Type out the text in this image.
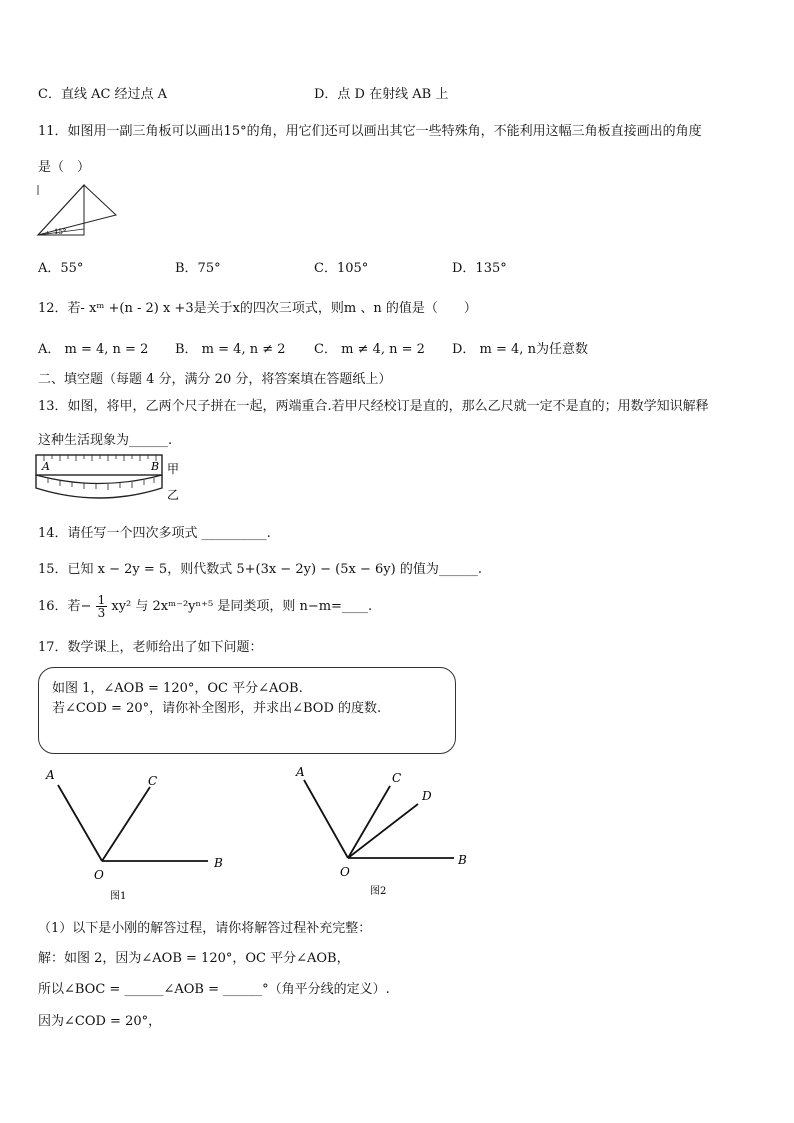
C．直线 AC 经过点 A	D．点 D 在射线 AB 上
11．如图用一副三角板可以画出15°的角，用它们还可以画出其它一些特殊角，不能利用这幅三角板直接画出的角度
是（　）
15°
A．55°	B．75°	C．105°	D．135°
12．若- xᵐ +(n - 2) x +3是关于x的四次三项式，则m 、n 的值是（　　）
A． m = 4, n = 2 B． m = 4, n ≠ 2 C． m ≠ 4, n = 2 D． m = 4, n为任意数
二、填空题（每题 4 分，满分 20 分，将答案填在答题纸上）
13．如图，将甲，乙两个尺子拼在一起，两端重合.若甲尺经校订是直的，那么乙尺就一定不是直的；用数学知识解释
这种生活现象为______.
A	B 甲
乙
14．请任写一个四次多项式 __________.
15．已知 x − 2y = 5，则代数式 5+(3x − 2y) − (5x − 6y) 的值为______.
16．若− $\frac{1}{3} xy^2$ 与 2xᵐ⁻²yⁿ⁺⁵ 是同类项，则 n−m=____.
17．数学课上，老师给出了如下问题：
如图 1，∠AOB = 120°，OC 平分∠AOB.
若∠COD = 20°，请你补全图形，并求出∠BOD 的度数.
A	C
O
B
图1
A	C
D
O
B
图2
（1）以下是小刚的解答过程，请你将解答过程补充完整：
解：如图 2，因为∠AOB = 120°，OC 平分∠AOB，
所以∠BOC = ______∠AOB = ______°（角平分线的定义）.
因为∠COD = 20°，
